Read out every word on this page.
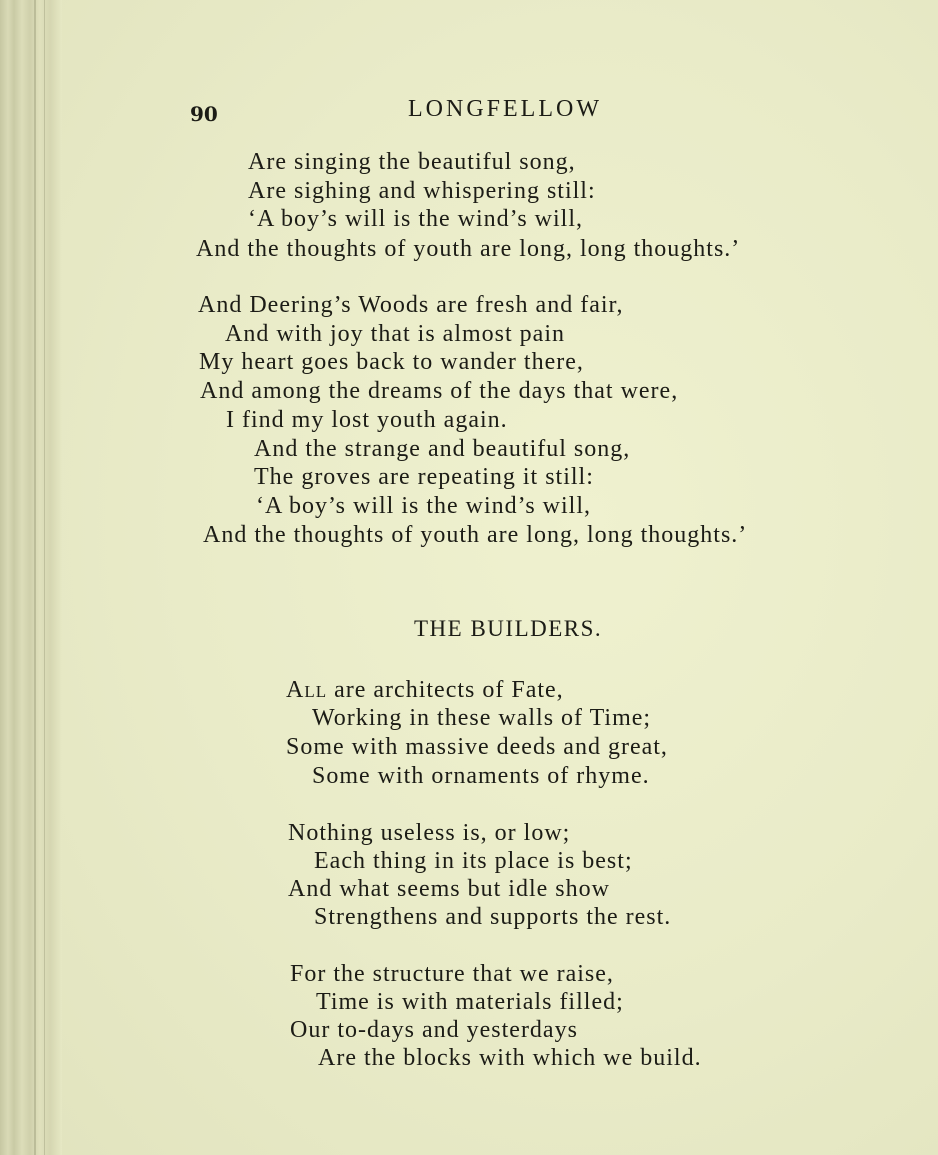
90	LONGFELLOW
Are singing the beautiful song,
Are sighing and whispering still:
‘A boy’s will is the wind’s will,
And the thoughts of youth are long, long thoughts.’
And Deering’s Woods are fresh and fair,
And with joy that is almost pain
My heart goes back to wander there,
And among the dreams of the days that were,
I find my lost youth again.
And the strange and beautiful song,
The groves are repeating it still:
‘A boy’s will is the wind’s will,
And the thoughts of youth are long, long thoughts.’
THE BUILDERS.
All are architects of Fate,
Working in these walls of Time;
Some with massive deeds and great,
Some with ornaments of rhyme.
Nothing useless is, or low;
Each thing in its place is best;
And what seems but idle show
Strengthens and supports the rest.
For the structure that we raise,
Time is with materials filled;
Our to-days and yesterdays
Are the blocks with which we build.
